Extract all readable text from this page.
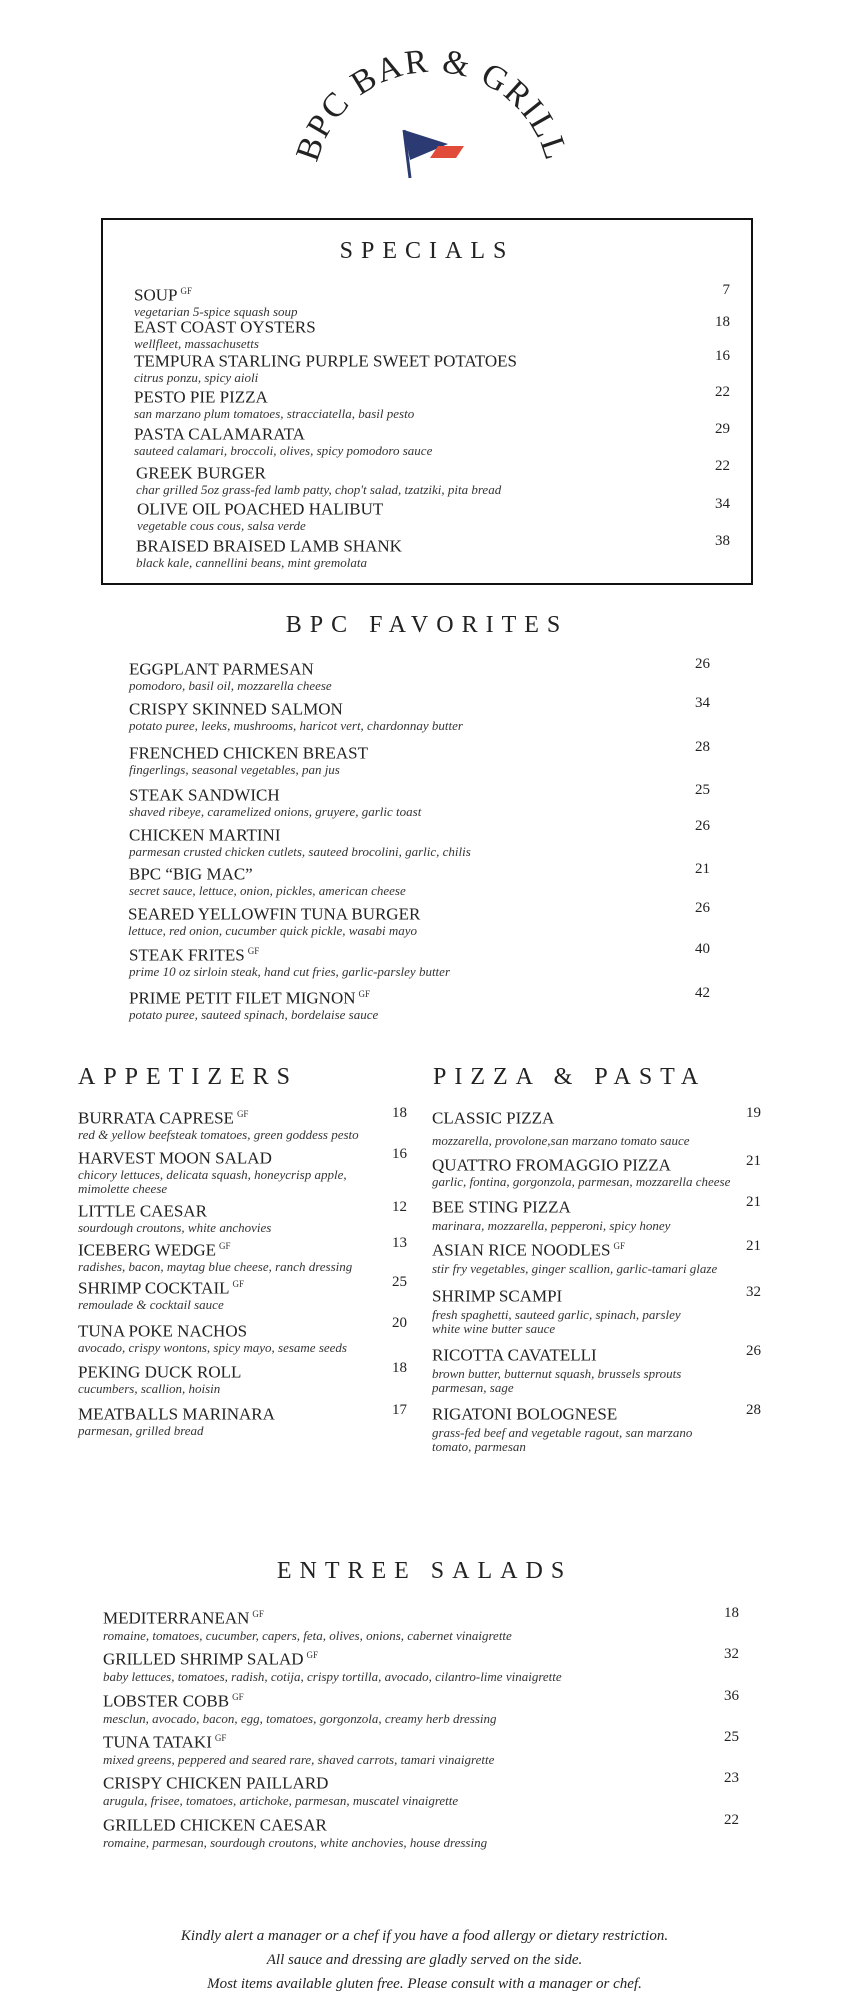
BPC BAR & GRILL
SPECIALS
SOUP $^{GF}$
vegetarian 5-spice squash soup
7
EAST COAST OYSTERS
wellfleet, massachusetts
18
TEMPURA STARLING PURPLE SWEET POTATOES
citrus ponzu, spicy aioli
16
PESTO PIE PIZZA
san marzano plum tomatoes, stracciatella, basil pesto
22
PASTA CALAMARATA
sauteed calamari, broccoli, olives, spicy pomodoro sauce
29
GREEK BURGER
char grilled 5oz grass-fed lamb patty, chop't salad, tzatziki, pita bread
22
OLIVE OIL POACHED HALIBUT
vegetable cous cous, salsa verde
34
BRAISED BRAISED LAMB SHANK
black kale, cannellini beans, mint gremolata
38
BPC FAVORITES
EGGPLANT PARMESAN
pomodoro, basil oil, mozzarella cheese
26
CRISPY SKINNED SALMON
potato puree, leeks, mushrooms, haricot vert, chardonnay butter
34
FRENCHED CHICKEN BREAST
fingerlings, seasonal vegetables, pan jus
28
STEAK SANDWICH
shaved ribeye, caramelized onions, gruyere, garlic toast
25
CHICKEN MARTINI
parmesan crusted chicken cutlets, sauteed brocolini, garlic, chilis
26
BPC “BIG MAC”
secret sauce, lettuce, onion, pickles, american cheese
21
SEARED YELLOWFIN TUNA BURGER
lettuce, red onion, cucumber quick pickle, wasabi mayo
26
STEAK FRITES $^{GF}$
prime 10 oz sirloin steak, hand cut fries, garlic-parsley butter
40
PRIME PETIT FILET MIGNON $^{GF}$
potato puree, sauteed spinach, bordelaise sauce
42
APPETIZERS
BURRATA CAPRESE $^{GF}$
red & yellow beefsteak tomatoes, green goddess pesto
18
HARVEST MOON SALAD
chicory lettuces, delicata squash, honeycrisp apple, mimolette cheese
16
LITTLE CAESAR
sourdough croutons, white anchovies
12
ICEBERG WEDGE $^{GF}$
radishes, bacon, maytag blue cheese, ranch dressing
13
SHRIMP COCKTAIL $^{GF}$
remoulade & cocktail sauce
25
TUNA POKE NACHOS
avocado, crispy wontons, spicy mayo, sesame seeds
20
PEKING DUCK ROLL
cucumbers, scallion, hoisin
18
MEATBALLS MARINARA
parmesan, grilled bread
17
PIZZA & PASTA
CLASSIC PIZZA
mozzarella, provolone,san marzano tomato sauce
19
QUATTRO FROMAGGIO PIZZA
garlic, fontina, gorgonzola, parmesan, mozzarella cheese
21
BEE STING PIZZA
marinara, mozzarella, pepperoni, spicy honey
21
ASIAN RICE NOODLES $^{GF}$
stir fry vegetables, ginger scallion, garlic-tamari glaze
21
SHRIMP SCAMPI
fresh spaghetti, sauteed garlic, spinach, parsley white wine butter sauce
32
RICOTTA CAVATELLI
brown butter, butternut squash, brussels sprouts parmesan, sage
26
RIGATONI BOLOGNESE
grass-fed beef and vegetable ragout, san marzano tomato, parmesan
28
ENTREE SALADS
MEDITERRANEAN $^{GF}$
romaine, tomatoes, cucumber, capers, feta, olives, onions, cabernet vinaigrette
18
GRILLED SHRIMP SALAD $^{GF}$
baby lettuces, tomatoes, radish, cotija, crispy tortilla, avocado, cilantro-lime vinaigrette
32
LOBSTER COBB $^{GF}$
mesclun, avocado, bacon, egg, tomatoes, gorgonzola, creamy herb dressing
36
TUNA TATAKI $^{GF}$
mixed greens, peppered and seared rare, shaved carrots, tamari vinaigrette
25
CRISPY CHICKEN PAILLARD
arugula, frisee, tomatoes, artichoke, parmesan, muscatel vinaigrette
23
GRILLED CHICKEN CAESAR
romaine, parmesan, sourdough croutons, white anchovies, house dressing
22
Kindly alert a manager or a chef if you have a food allergy or dietary restriction.
All sauce and dressing are gladly served on the side.
Most items available gluten free. Please consult with a manager or chef.
